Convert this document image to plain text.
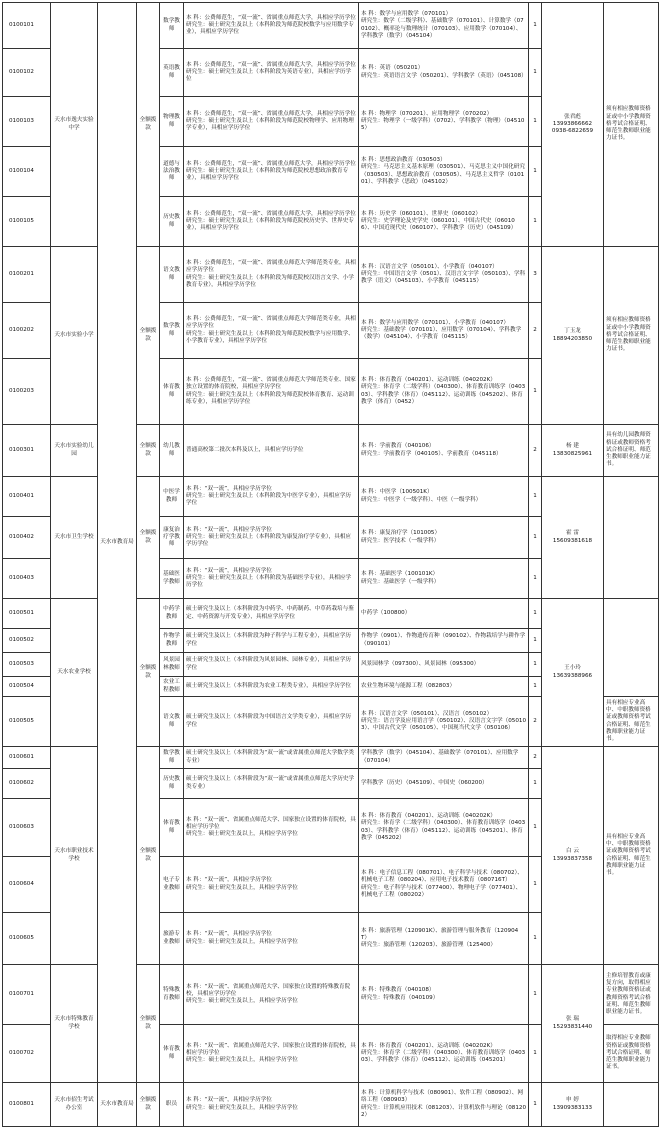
0100101	天水市逸夫实验中学	天水市教育局	全额拨款	数学教师	本 科：公费师范生，“双一流”、省属重点师范大学，具相应学历学位
研究生：硕士研究生及以上（本科阶段为师范院校数学与应用数学专业），具相应学历学位	本 科：数学与应用数学（070101）
研究生：数学（二级学科）、基础数学（070101）、计算数学（070102）、概率论与数理统计（070103）、应用数学（070104）、学科教学（数学）（045104）	1	张君彪
13993866662
0938-6822659	须有相应教师资格证或中小学教师资格考试合格证明、师范生教师职业能力证书。
0100102				英语教师	本 科：公费师范生，“双一流”、省属重点师范大学，具相应学历学位
研究生：硕士研究生及以上（本科阶段为英语专业），具相应学历学位	本 科：英语（050201）
研究生：英语语言文学（050201）、学科教学（英语）（045108）	1		
0100103				物理教师	本 科：公费师范生，“双一流”、省属重点师范大学，具相应学历学位
研究生：硕士研究生及以上（本科阶段为师范院校物理学、应用物理学专业），具相应学历学位	本 科：物理学（070201）、应用物理学（070202）
研究生：物理学（一级学科）（0702）、学科教学（物理）（045105）	1		
0100104				道德与法治教师	本 科：公费师范生，“双一流”、省属重点师范大学，具相应学历学位
研究生：硕士研究生及以上（本科阶段为师范院校思想政治教育专业），具相应学历学位	本 科：思想政治教育（030503）
研究生：马克思主义基本原理（030501）、马克思主义中国化研究（030503）、思想政治教育（030505）、马克思主义哲学（010101）、学科教学（思政）（045102）	1		
0100105				历史教师	本 科：公费师范生，“双一流”、省属重点师范大学，具相应学历学位
研究生：硕士研究生及以上（本科阶段为师范院校历史学、世界史专业），具相应学历学位	本 科：历史学（060101）、世界史（060102）
研究生：史学理论及史学史（060101）、中国古代史（060106）、中国近现代史（060107）、学科教学（历史）（045109）	1		
0100201	天水市实验小学		全额拨款	语文教师	本 科：公费师范生，“双一流”、省属重点师范大学师范类专业，具相应学历学位
研究生：硕士研究生及以上（本科阶段为师范院校汉语言文学、小学教育专业），具相应学历学位	本 科：汉语言文学（050101）、小学教育（040107）
研究生：中国语言文学（0501）、汉语言文字学（050103）、学科教学（语文）（045103）、小学教育（045115）	3	丁玉龙
18894203850	须有相应教师资格证或中小学教师资格考试合格证明、师范生教师职业能力证书。
0100202				数学教师	本 科：公费师范生，“双一流”、省属重点师范大学师范类专业，具相应学历学位
研究生：硕士研究生及以上（本科阶段为师范院校数学与应用数学、小学教育专业），具相应学历学位	本 科：数学与应用数学（070101）、小学教育（040107）
研究生：基础数学（070101）、应用数学（070104）、学科教学（数学）（045104）、小学教育（045115）	2		
0100203				体育教师	本 科：公费师范生，“双一流”、省属重点师范大学师范类专业、国家独立设置的体育院校，具相应学历学位
研究生：硕士研究生及以上（本科阶段为师范院校体育教育、运动训练专业），具相应学历学位	本 科：体育教育（040201）、运动训练（040202K）
研究生：体育学（二级学科）（040300）、体育教育训练学（040303）、学科教学（体育）（045112）、运动训练（045202）、体育教学（体育）（0452）	1		
0100301	天水市实验幼儿园		全额拨款	幼儿教师	普通高校第二批次本科及以上，具相应学历学位	本 科：学前教育（040106）
研究生：学前教育学（040105）、学前教育（045118）	2	杨 建
13830825961	具有幼儿园教师资格证或教师资格考试合格证明、师范生教师职业能力证书。
0100401	天水市卫生学校		全额拨款	中医学教师	本 科：“双一流”，具相应学历学位
研究生：硕士研究生及以上（本科阶段为中医学专业），具相应学历学位	本 科：中医学（100501K）
研究生：中医学（一级学科）、中医（一级学科）	1	霍 雷
15609381618	
0100402				康复治疗学教师	本 科：“双一流”，具相应学历学位
研究生：硕士研究生及以上（本科阶段为康复治疗学专业），具相应学历学位	本 科：康复治疗学（101005）
研究生：医学技术（一级学科）	1		
0100403				基础医学教师	本 科：“双一流”，具相应学历学位
研究生：硕士研究生及以上（本科阶段为基础医学专业），具相应学历学位	本 科：基础医学（100101K）
研究生：基础医学（一级学科）	1		
0100501	天水农业学校		全额拨款	中药学教师	硕士研究生及以上（本科阶段为中药学、中药制药、中草药栽培与鉴定、中药资源与开发专业），具相应学历学位	中药学（100800）	1	王小玲
13639388966	
0100502				作物学教师	硕士研究生及以上（本科阶段为种子科学与工程专业），具相应学历学位	作物学（0901）、作物遗传育种（090102）、作物栽培学与耕作学（090101）	1		
0100503				风景园林教师	硕士研究生及以上（本科阶段为风景园林、园林专业），具相应学历学位	风景园林学（097300）、风景园林（095300）	1		
0100504				农业工程教师	硕士研究生及以上（本科阶段为农业工程类专业），具相应学历学位	农业生物环境与能源工程（082803）	1		
0100505				语文教师	硕士研究生及以上（本科阶段为中国语言文学类专业），具相应学历学位	本 科：汉语言文学（050101）、汉语言（050102）
研究生：语言学及应用语言学（050102）、汉语言文字学（050103）、中国古代文学（050105）、中国现当代文学（050106）	2		具有相应专业高中、中职教师资格证或教师资格考试合格证明、师范生教师职业能力证书。
0100601	天水市职业技术学校		全额拨款	数学教师	硕士研究生及以上（本科阶段为“双一流”或省属重点师范大学数学类专业）	学科教学（数学）（045104）、基础数学（070101）、应用数学（070104）	2	白 云
13993837358	具有相应专业高中、中职教师资格证或教师资格考试合格证明、师范生教师职业能力证书。
0100602				历史教师	硕士研究生及以上（本科阶段为“双一流”或省属重点师范大学历史学类专业）	学科教学（历史）（045109）、中国史（060200）	1		
0100603				体育教师	本 科：“双一流”、省属重点师范大学、国家独立设置的体育院校，具相应学历学位
研究生：硕士研究生及以上，具相应学历学位	本 科：体育教育（040201）、运动训练（040202K）
研究生：体育学（二级学科）（040300）、体育教育训练学（040303）、学科教学（体育）（045112）、运动训练（045201）、体育教学（045202）	1		
0100604				电子专业教师	本 科：“双一流”，具相应学历学位
研究生：硕士研究生及以上，具相应学历学位	本 科：电子信息工程（080701）、电子科学与技术（080702）、机械电子工程（080204）、应用电子技术教育（080716T）
研究生：电子科学与技术（077400）、物理电子学（077401）、机械电子工程（080202）	1		
0100605				旅游专业教师	本 科：“双一流”，具相应学历学位
研究生：硕士研究生及以上，具相应学历学位	本 科：旅游管理（120901K）、旅游管理与服务教育（120904T）
研究生：旅游管理（120203）、旅游管理（125400）	1		
0100701	天水市特殊教育学校		全额拨款	特殊教育教师	本 科：“双一流”、省属重点师范大学、国家独立设置的特殊教育院校，具相应学历学位
研究生：硕士研究生及以上，具相应学历学位	本 科：特殊教育（040108）
研究生：特殊教育（040109）	1	张 瑞
15293831440	主修培智教育或康复方向，取得相应专业教师资格证或教师资格考试合格证明、师范生教师职业能力证书。
0100702				体育教师	本 科：“双一流”、省属重点师范大学、国家独立设置的体育院校，具相应学历学位
研究生：硕士研究生及以上，具相应学历学位	本 科：体育教育（040201）、运动训练（040202K）
研究生：体育学（二级学科）（040300）、体育教育训练学（040303）、学科教学（体育）（045112）、运动训练（045201）	1		取得相应专业教师资格证或教师资格考试合格证明、师范生教师职业能力证书。
0100801	天水市招生考试办公室	天水市教育局	全额拨款	职员	本 科：“双一流”，具相应学历学位
研究生：硕士研究生及以上，具相应学历学位	本 科：计算机科学与技术（080901）、软件工程（080902）、网络工程（080903）
研究生：计算机应用技术（081203）、计算机软件与理论（081202）	1	申 婷
13909383133	
